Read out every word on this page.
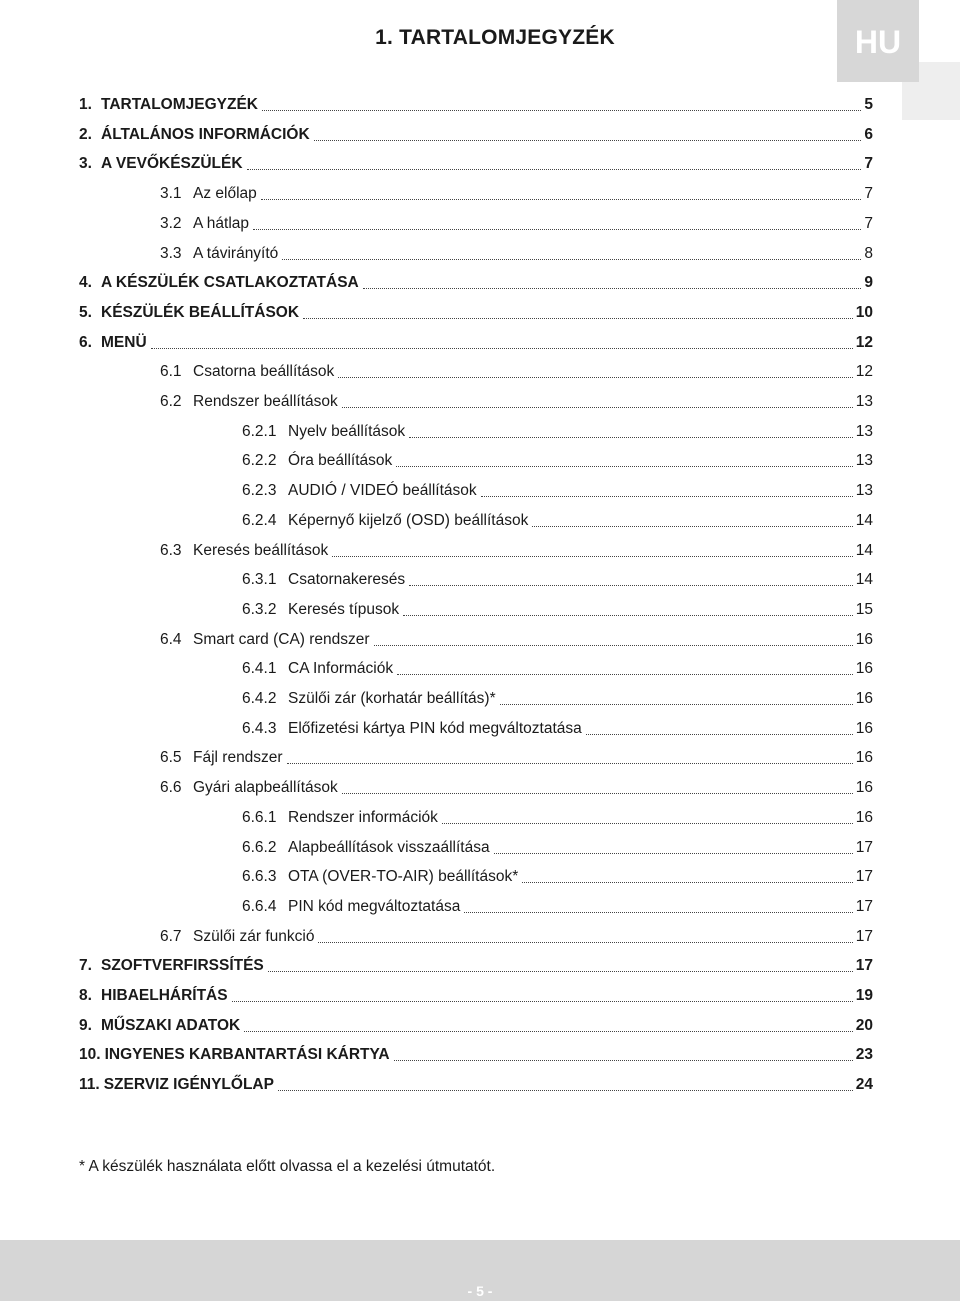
1. TARTALOMJEGYZÉK	HU
1. TARTALOMJEGYZÉK	5
2. ÁLTALÁNOS INFORMÁCIÓK	6
3. A VEVŐKÉSZÜLÉK	7
3.1 Az előlap	7
3.2 A hátlap	7
3.3 A távirányító	8
4. A KÉSZÜLÉK CSATLAKOZTATÁSA	9
5. KÉSZÜLÉK BEÁLLÍTÁSOK	10
6. MENÜ	12
6.1 Csatorna beállítások	12
6.2 Rendszer beállítások	13
6.2.1 Nyelv beállítások	13
6.2.2 Óra beállítások	13
6.2.3 AUDIÓ / VIDEÓ beállítások	13
6.2.4 Képernyő kijelző (OSD) beállítások	14
6.3 Keresés beállítások	14
6.3.1 Csatornakeresés	14
6.3.2 Keresés típusok	15
6.4 Smart card (CA) rendszer	16
6.4.1 CA Információk	16
6.4.2 Szülői zár (korhatár beállítás)*	16
6.4.3 Előfizetési kártya PIN kód megváltoztatása	16
6.5 Fájl rendszer	16
6.6 Gyári alapbeállítások	16
6.6.1 Rendszer információk	16
6.6.2 Alapbeállítások visszaállítása	17
6.6.3 OTA (OVER-TO-AIR) beállítások*	17
6.6.4 PIN kód megváltoztatása	17
6.7 Szülői zár funkció	17
7. SZOFTVERFIRSSÍTÉS	17
8. HIBAELHÁRÍTÁS	19
9. MŰSZAKI ADATOK	20
10. INGYENES KARBANTARTÁSI KÁRTYA	23
11. SZERVIZ IGÉNYLŐLAP	24
* A készülék használata előtt olvassa el a kezelési útmutatót.
- 5 -
